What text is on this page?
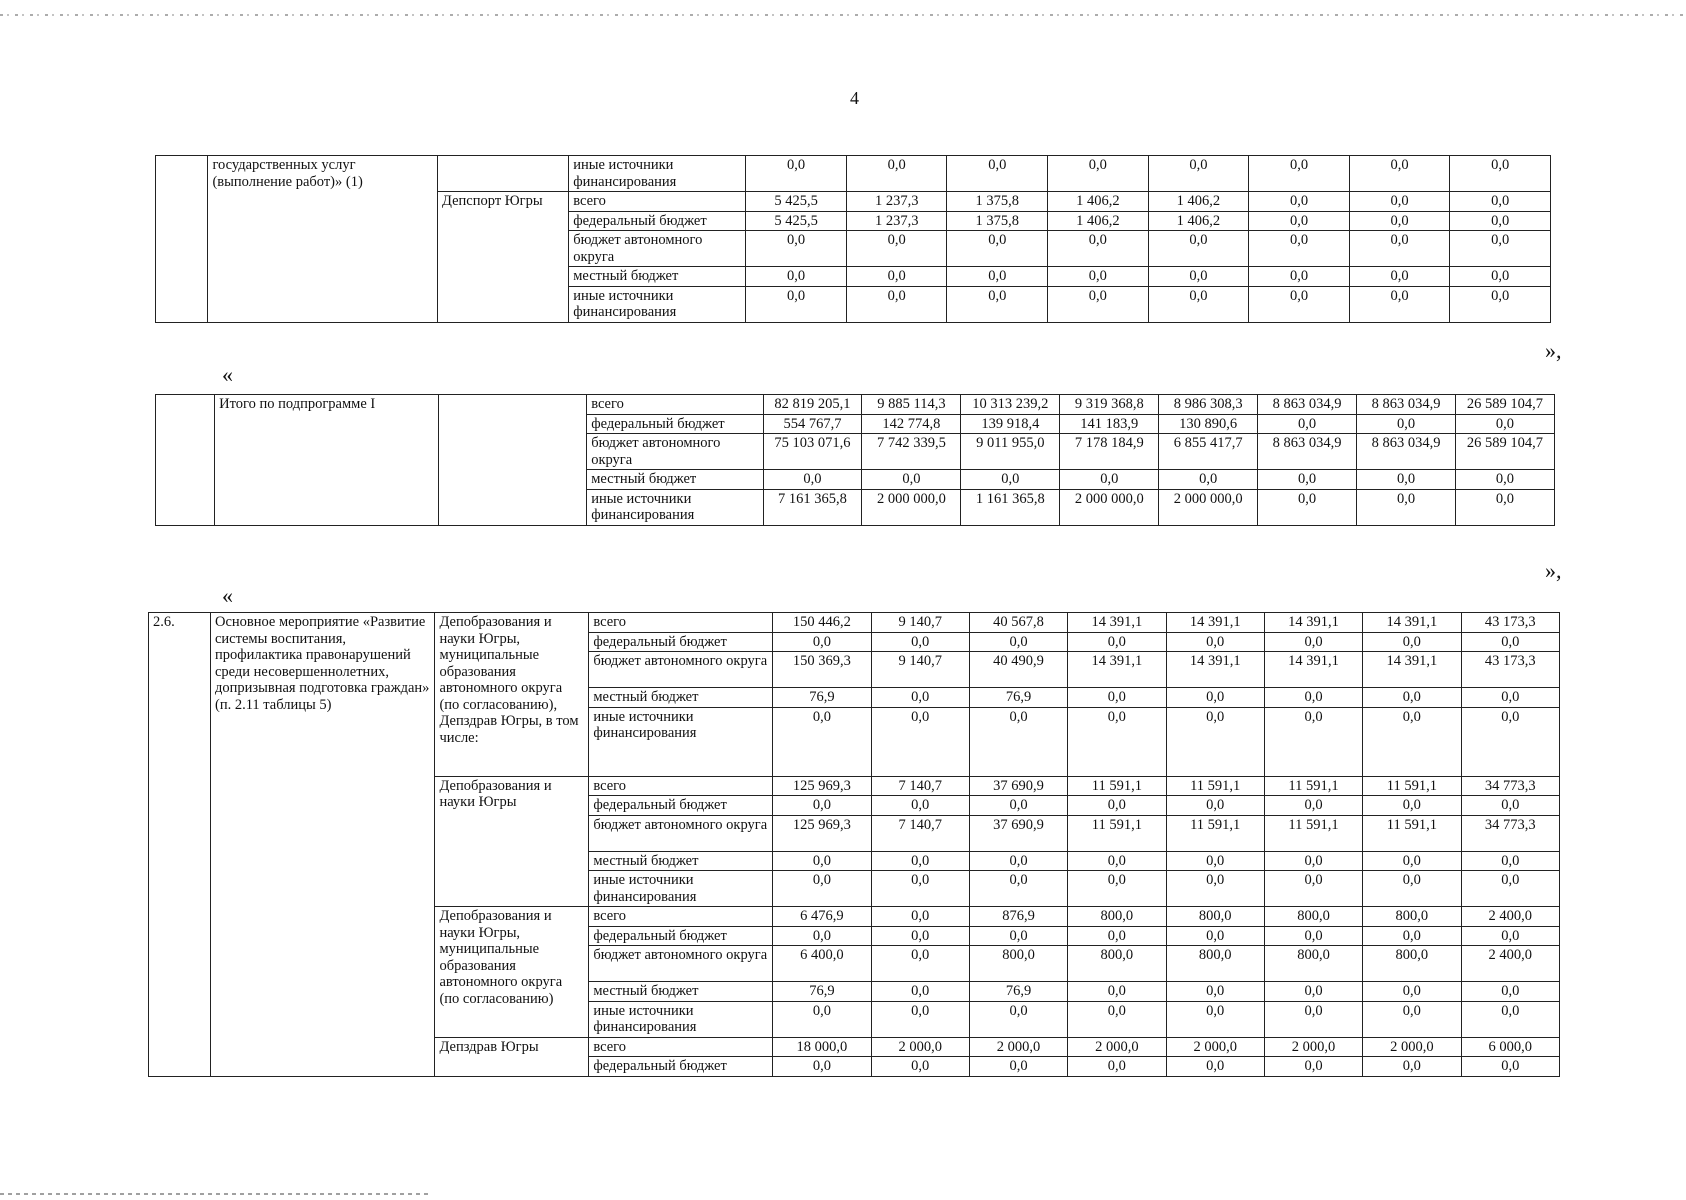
4
	государственных услуг (выполнение работ)» (1)		иные источники финансирования	0,0	0,0	0,0	0,0	0,0	0,0	0,0	0,0
		Депспорт Югры	всего	5 425,5	1 237,3	1 375,8	1 406,2	1 406,2	0,0	0,0	0,0
			федеральный бюджет	5 425,5	1 237,3	1 375,8	1 406,2	1 406,2	0,0	0,0	0,0
			бюджет автономного округа	0,0	0,0	0,0	0,0	0,0	0,0	0,0	0,0
			местный бюджет	0,0	0,0	0,0	0,0	0,0	0,0	0,0	0,0
			иные источники финансирования	0,0	0,0	0,0	0,0	0,0	0,0	0,0	0,0
»,
«
	Итого по подпрограмме I		всего	82 819 205,1	9 885 114,3	10 313 239,2	9 319 368,8	8 986 308,3	8 863 034,9	8 863 034,9	26 589 104,7
			федеральный бюджет	554 767,7	142 774,8	139 918,4	141 183,9	130 890,6	0,0	0,0	0,0
			бюджет автономного округа	75 103 071,6	7 742 339,5	9 011 955,0	7 178 184,9	6 855 417,7	8 863 034,9	8 863 034,9	26 589 104,7
			местный бюджет	0,0	0,0	0,0	0,0	0,0	0,0	0,0	0,0
			иные источники финансирования	7 161 365,8	2 000 000,0	1 161 365,8	2 000 000,0	2 000 000,0	0,0	0,0	0,0
»,
«
2.6.	Основное мероприятие «Развитие системы воспитания, профилактика правонарушений среди несовершеннолетних, допризывная подготовка граждан» (п. 2.11 таблицы 5)	Депобразования и науки Югры, муниципальные образования автономного округа (по согласованию), Депздрав Югры, в том числе:	всего	150 446,2	9 140,7	40 567,8	14 391,1	14 391,1	14 391,1	14 391,1	43 173,3
			федеральный бюджет	0,0	0,0	0,0	0,0	0,0	0,0	0,0	0,0
			бюджет автономного округа	150 369,3	9 140,7	40 490,9	14 391,1	14 391,1	14 391,1	14 391,1	43 173,3
			местный бюджет	76,9	0,0	76,9	0,0	0,0	0,0	0,0	0,0
			иные источники финансирования	0,0	0,0	0,0	0,0	0,0	0,0	0,0	0,0
		Депобразования и науки Югры	всего	125 969,3	7 140,7	37 690,9	11 591,1	11 591,1	11 591,1	11 591,1	34 773,3
			федеральный бюджет	0,0	0,0	0,0	0,0	0,0	0,0	0,0	0,0
			бюджет автономного округа	125 969,3	7 140,7	37 690,9	11 591,1	11 591,1	11 591,1	11 591,1	34 773,3
			местный бюджет	0,0	0,0	0,0	0,0	0,0	0,0	0,0	0,0
			иные источники финансирования	0,0	0,0	0,0	0,0	0,0	0,0	0,0	0,0
		Депобразования и науки Югры, муниципальные образования автономного округа (по согласованию)	всего	6 476,9	0,0	876,9	800,0	800,0	800,0	800,0	2 400,0
			федеральный бюджет	0,0	0,0	0,0	0,0	0,0	0,0	0,0	0,0
			бюджет автономного округа	6 400,0	0,0	800,0	800,0	800,0	800,0	800,0	2 400,0
			местный бюджет	76,9	0,0	76,9	0,0	0,0	0,0	0,0	0,0
			иные источники финансирования	0,0	0,0	0,0	0,0	0,0	0,0	0,0	0,0
		Депздрав Югры	всего	18 000,0	2 000,0	2 000,0	2 000,0	2 000,0	2 000,0	2 000,0	6 000,0
			федеральный бюджет	0,0	0,0	0,0	0,0	0,0	0,0	0,0	0,0
